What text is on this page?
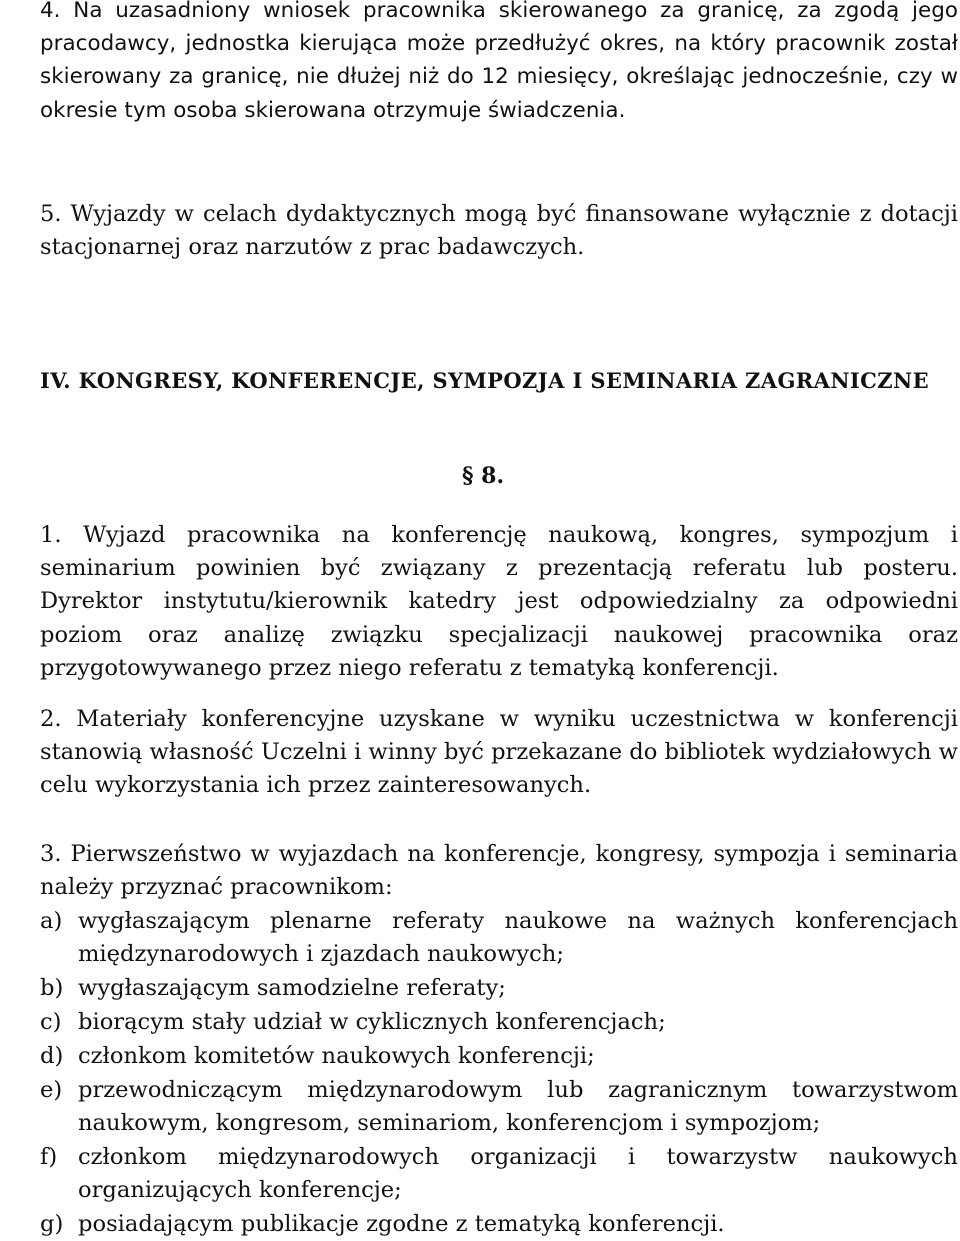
4. Na uzasadniony wniosek pracownika skierowanego za granicę, za zgodą jego pracodawcy, jednostka kierująca może przedłużyć okres, na który pracownik został skierowany za granicę, nie dłużej niż do 12 miesięcy, określając jednocześnie, czy w okresie tym osoba skierowana otrzymuje świadczenia.

5. Wyjazdy w celach dydaktycznych mogą być finansowane wyłącznie z dotacji stacjonarnej oraz narzutów z prac badawczych.

IV. KONGRESY, KONFERENCJE, SYMPOZJA I SEMINARIA ZAGRANICZNE
§ 8.

1. Wyjazd pracownika na konferencję naukową, kongres, sympozjum i seminarium powinien być związany z prezentacją referatu lub posteru. Dyrektor instytutu/kierownik katedry jest odpowiedzialny za odpowiedni poziom oraz analizę związku specjalizacji naukowej pracownika oraz przygotowywanego przez niego referatu z tematyką konferencji.

2. Materiały konferencyjne uzyskane w wyniku uczestnictwa w konferencji stanowią własność Uczelni i winny być przekazane do bibliotek wydziałowych w celu wykorzystania ich przez zainteresowanych.

3. Pierwszeństwo w wyjazdach na konferencje, kongresy, sympozja i seminaria należy przyznać pracownikom:

a) wygłaszającym plenarne referaty naukowe na ważnych konferencjach międzynarodowych i zjazdach naukowych;
b) wygłaszającym samodzielne referaty;
c) biorącym stały udział w cyklicznych konferencjach;
d) członkom komitetów naukowych konferencji;
e) przewodniczącym międzynarodowym lub zagranicznym towarzystwom naukowym, kongresom, seminariom, konferencjom i sympozjom;
f) członkom międzynarodowych organizacji i towarzystw naukowych organizujących konferencje;
g) posiadającym publikacje zgodne z tematyką konferencji.
